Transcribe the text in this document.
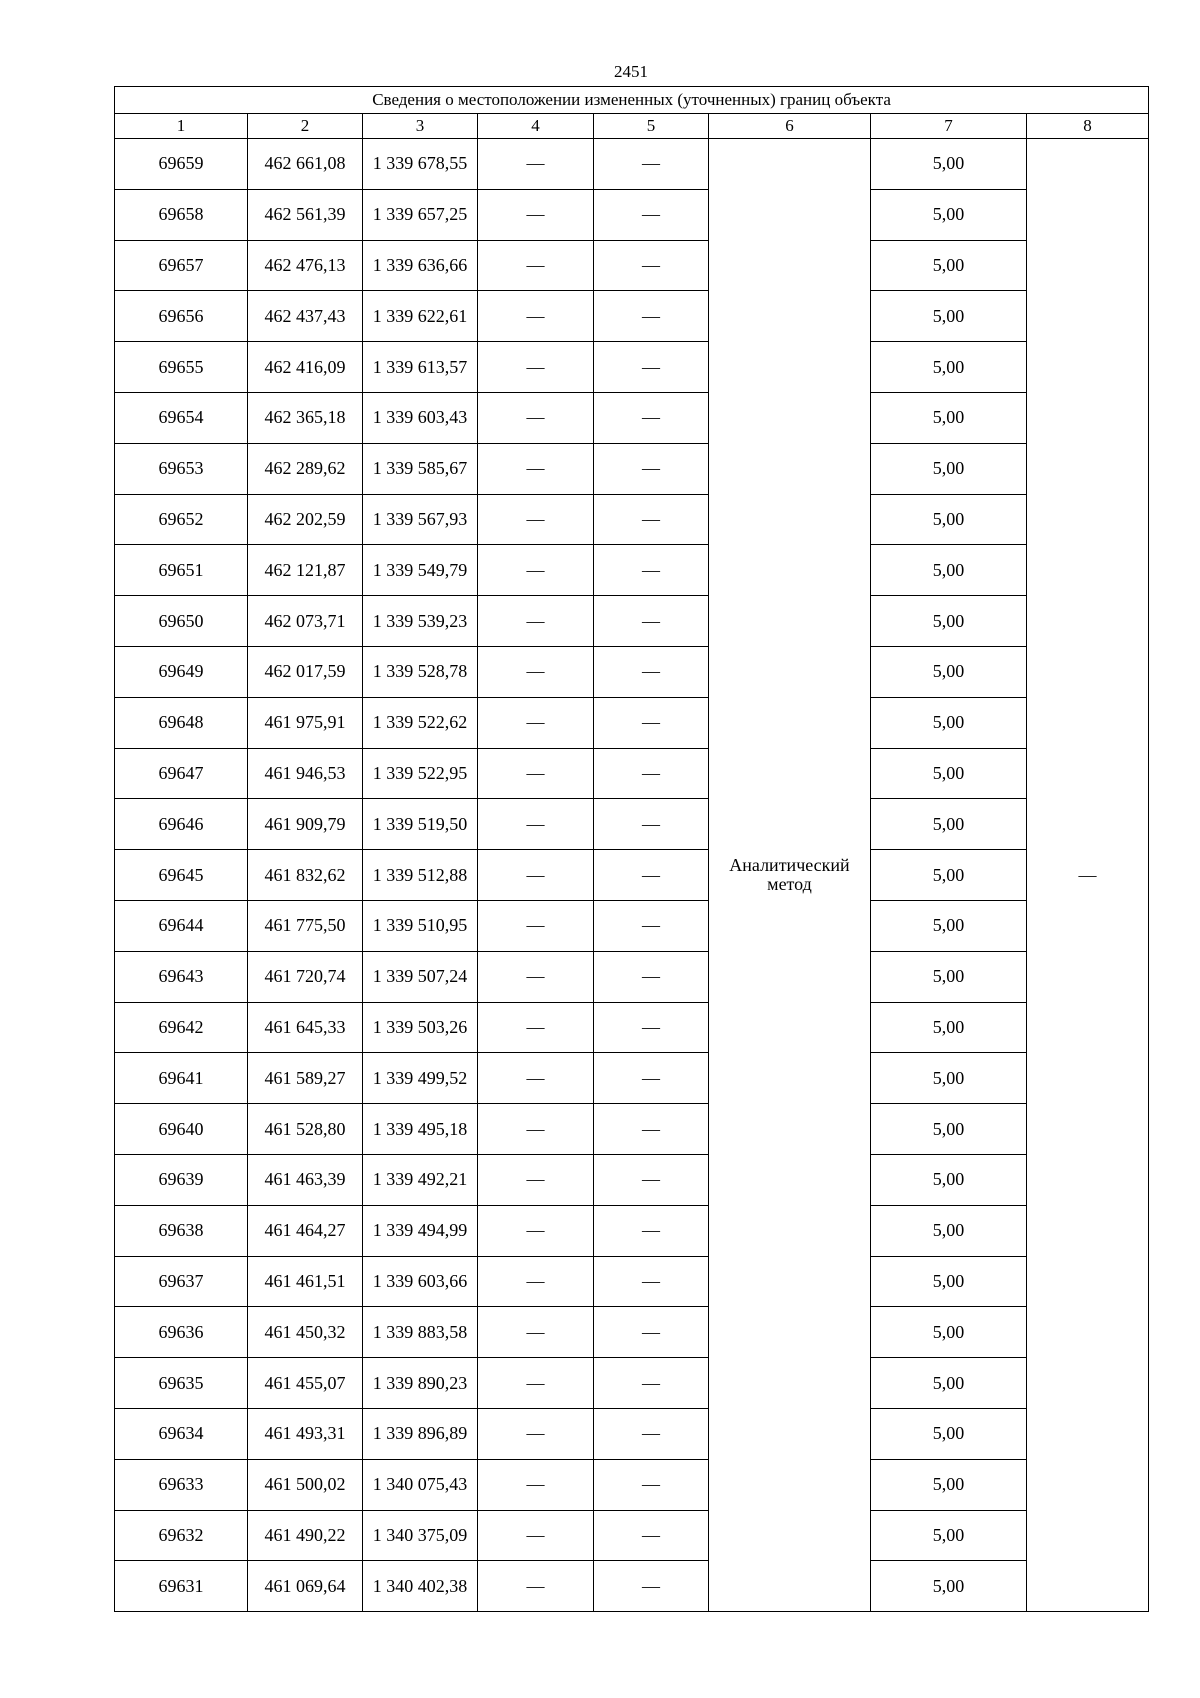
2451
Сведения о местоположении измененных (уточненных) границ объекта							
1	2	3	4	5	6	7	8
69659	462 661,08	1 339 678,55	—	—	Аналитический метод	5,00	—
69658	462 561,39	1 339 657,25	—	—		5,00	
69657	462 476,13	1 339 636,66	—	—		5,00	
69656	462 437,43	1 339 622,61	—	—		5,00	
69655	462 416,09	1 339 613,57	—	—		5,00	
69654	462 365,18	1 339 603,43	—	—		5,00	
69653	462 289,62	1 339 585,67	—	—		5,00	
69652	462 202,59	1 339 567,93	—	—		5,00	
69651	462 121,87	1 339 549,79	—	—		5,00	
69650	462 073,71	1 339 539,23	—	—		5,00	
69649	462 017,59	1 339 528,78	—	—		5,00	
69648	461 975,91	1 339 522,62	—	—		5,00	
69647	461 946,53	1 339 522,95	—	—		5,00	
69646	461 909,79	1 339 519,50	—	—		5,00	
69645	461 832,62	1 339 512,88	—	—		5,00	
69644	461 775,50	1 339 510,95	—	—		5,00	
69643	461 720,74	1 339 507,24	—	—		5,00	
69642	461 645,33	1 339 503,26	—	—		5,00	
69641	461 589,27	1 339 499,52	—	—		5,00	
69640	461 528,80	1 339 495,18	—	—		5,00	
69639	461 463,39	1 339 492,21	—	—		5,00	
69638	461 464,27	1 339 494,99	—	—		5,00	
69637	461 461,51	1 339 603,66	—	—		5,00	
69636	461 450,32	1 339 883,58	—	—		5,00	
69635	461 455,07	1 339 890,23	—	—		5,00	
69634	461 493,31	1 339 896,89	—	—		5,00	
69633	461 500,02	1 340 075,43	—	—		5,00	
69632	461 490,22	1 340 375,09	—	—		5,00	
69631	461 069,64	1 340 402,38	—	—		5,00	
